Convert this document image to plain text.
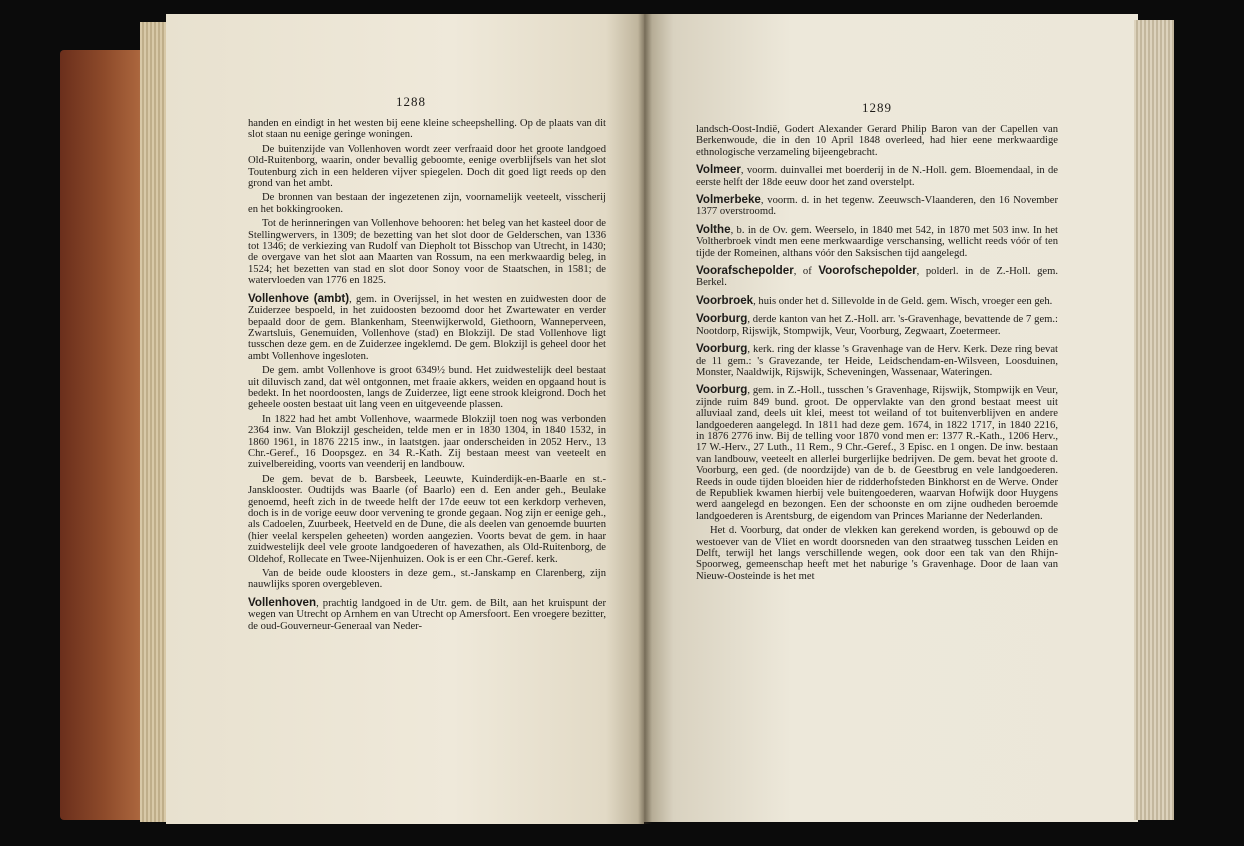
1288

handen en eindigt in het westen bij eene kleine scheepshelling. Op de plaats van dit slot staan nu eenige geringe woningen.

De buitenzijde van Vollenhoven wordt zeer verfraaid door het groote landgoed Old-Ruitenborg, waarin, onder bevallig geboomte, eenige overblijfsels van het slot Toutenburg zich in een helderen vijver spiegelen. Doch dit goed ligt reeds op den grond van het ambt.

De bronnen van bestaan der ingezetenen zijn, voornamelijk veeteelt, visscherij en het bokkingrooken.

Tot de herinneringen van Vollenhove behooren: het beleg van het kasteel door de Stellingwervers, in 1309; de bezetting van het slot door de Gelderschen, van 1336 tot 1346; de verkiezing van Rudolf van Diepholt tot Bisschop van Utrecht, in 1430; de overgave van het slot aan Maarten van Rossum, na een merkwaardig beleg, in 1524; het bezetten van stad en slot door Sonoy voor de Staatschen, in 1581; de watervloeden van 1776 en 1825.

Vollenhove (ambt), gem. in Overijssel, in het westen en zuidwesten door de Zuiderzee bespoeld, in het zuidoosten bezoomd door het Zwartewater en verder bepaald door de gem. Blankenham, Steenwijkerwold, Giethoorn, Wanneperveen, Zwartsluis, Genemuiden, Vollenhove (stad) en Blokzijl. De stad Vollenhove ligt tusschen deze gem. en de Zuiderzee ingeklemd. De gem. Blokzijl is geheel door het ambt Vollenhove ingesloten.

De gem. ambt Vollenhove is groot 6349½ bund. Het zuidwestelijk deel bestaat uit diluvisch zand, dat wèl ontgonnen, met fraaie akkers, weiden en opgaand hout is bedekt. In het noordoosten, langs de Zuiderzee, ligt eene strook kleigrond. Doch het geheele oosten bestaat uit lang veen en uitgeveende plassen.

In 1822 had het ambt Vollenhove, waarmede Blokzijl toen nog was verbonden 2364 inw. Van Blokzijl gescheiden, telde men er in 1830 1304, in 1840 1532, in 1860 1961, in 1876 2215 inw., in laatstgen. jaar onderscheiden in 2052 Herv., 13 Chr.-Geref., 16 Doopsgez. en 34 R.-Kath. Zij bestaan meest van veeteelt en zuivelbereiding, voorts van veenderij en landbouw.

De gem. bevat de b. Barsbeek, Leeuwte, Kuinderdijk-en-Baarle en st.-Jansklooster. Oudtijds was Baarle (of Baarlo) een d. Een ander geh., Beulake genoemd, heeft zich in de tweede helft der 17de eeuw tot een kerkdorp verheven, doch is in de vorige eeuw door vervening te gronde gegaan. Nog zijn er eenige geh., als Cadoelen, Zuurbeek, Heetveld en de Dune, die als deelen van genoemde buurten (hier veelal kerspelen geheeten) worden aangezien. Voorts bevat de gem. in haar zuidwestelijk deel vele groote landgoederen of havezathen, als Old-Ruitenborg, de Oldehof, Rollecate en Twee-Nijenhuizen. Ook is er een Chr.-Geref. kerk.

Van de beide oude kloosters in deze gem., st.-Janskamp en Clarenberg, zijn nauwlijks sporen overgebleven.

Vollenhoven, prachtig landgoed in de Utr. gem. de Bilt, aan het kruispunt der wegen van Utrecht op Arnhem en van Utrecht op Amersfoort. Een vroegere bezitter, de oud-Gouverneur-Generaal van Neder-

1289

landsch-Oost-Indië, Godert Alexander Gerard Philip Baron van der Capellen van Berkenwoude, die in den 10 April 1848 overleed, had hier eene merkwaardige ethnologische verzameling bijeengebracht.

Volmeer, voorm. duinvallei met boerderij in de N.-Holl. gem. Bloemendaal, in de eerste helft der 18de eeuw door het zand overstelpt.

Volmerbeke, voorm. d. in het tegenw. Zeeuwsch-Vlaanderen, den 16 November 1377 overstroomd.

Volthe, b. in de Ov. gem. Weerselo, in 1840 met 542, in 1870 met 503 inw. In het Voltherbroek vindt men eene merkwaardige verschansing, wellicht reeds vóór of ten tijde der Romeinen, althans vóór den Saksischen tijd aangelegd.

Voorafschepolder, of Voorofschepolder, polderl. in de Z.-Holl. gem. Berkel.

Voorbroek, huis onder het d. Sillevolde in de Geld. gem. Wisch, vroeger een geh.

Voorburg, derde kanton van het Z.-Holl. arr. 's-Gravenhage, bevattende de 7 gem.: Nootdorp, Rijswijk, Stompwijk, Veur, Voorburg, Zegwaart, Zoetermeer.

Voorburg, kerk. ring der klasse 's Gravenhage van de Herv. Kerk. Deze ring bevat de 11 gem.: 's Gravezande, ter Heide, Leidschendam-en-Wilsveen, Loosduinen, Monster, Naaldwijk, Rijswijk, Scheveningen, Wassenaar, Wateringen.

Voorburg, gem. in Z.-Holl., tusschen 's Gravenhage, Rijswijk, Stompwijk en Veur, zijnde ruim 849 bund. groot. De oppervlakte van den grond bestaat meest uit alluviaal zand, deels uit klei, meest tot weiland of tot buitenverblijven en andere landgoederen aangelegd. In 1811 had deze gem. 1674, in 1822 1717, in 1840 2216, in 1876 2776 inw. Bij de telling voor 1870 vond men er: 1377 R.-Kath., 1206 Herv., 17 W.-Herv., 27 Luth., 11 Rem., 9 Chr.-Geref., 3 Episc. en 1 ongen. De inw. bestaan van landbouw, veeteelt en allerlei burgerlijke bedrijven. De gem. bevat het groote d. Voorburg, een ged. (de noordzijde) van de b. de Geestbrug en vele landgoederen. Reeds in oude tijden bloeiden hier de ridderhofsteden Binkhorst en de Werve. Onder de Republiek kwamen hierbij vele buitengoederen, waarvan Hofwijk door Huygens werd aangelegd en bezongen. Een der schoonste en om zijne oudheden beroemde landgoederen is Arentsburg, de eigendom van Princes Marianne der Nederlanden.

Het d. Voorburg, dat onder de vlekken kan gerekend worden, is gebouwd op de westoever van de Vliet en wordt doorsneden van den straatweg tusschen Leiden en Delft, terwijl het langs verschillende wegen, ook door een tak van den Rhijn-Spoorweg, gemeenschap heeft met het naburige 's Gravenhage. Door de laan van Nieuw-Oosteinde is het met
